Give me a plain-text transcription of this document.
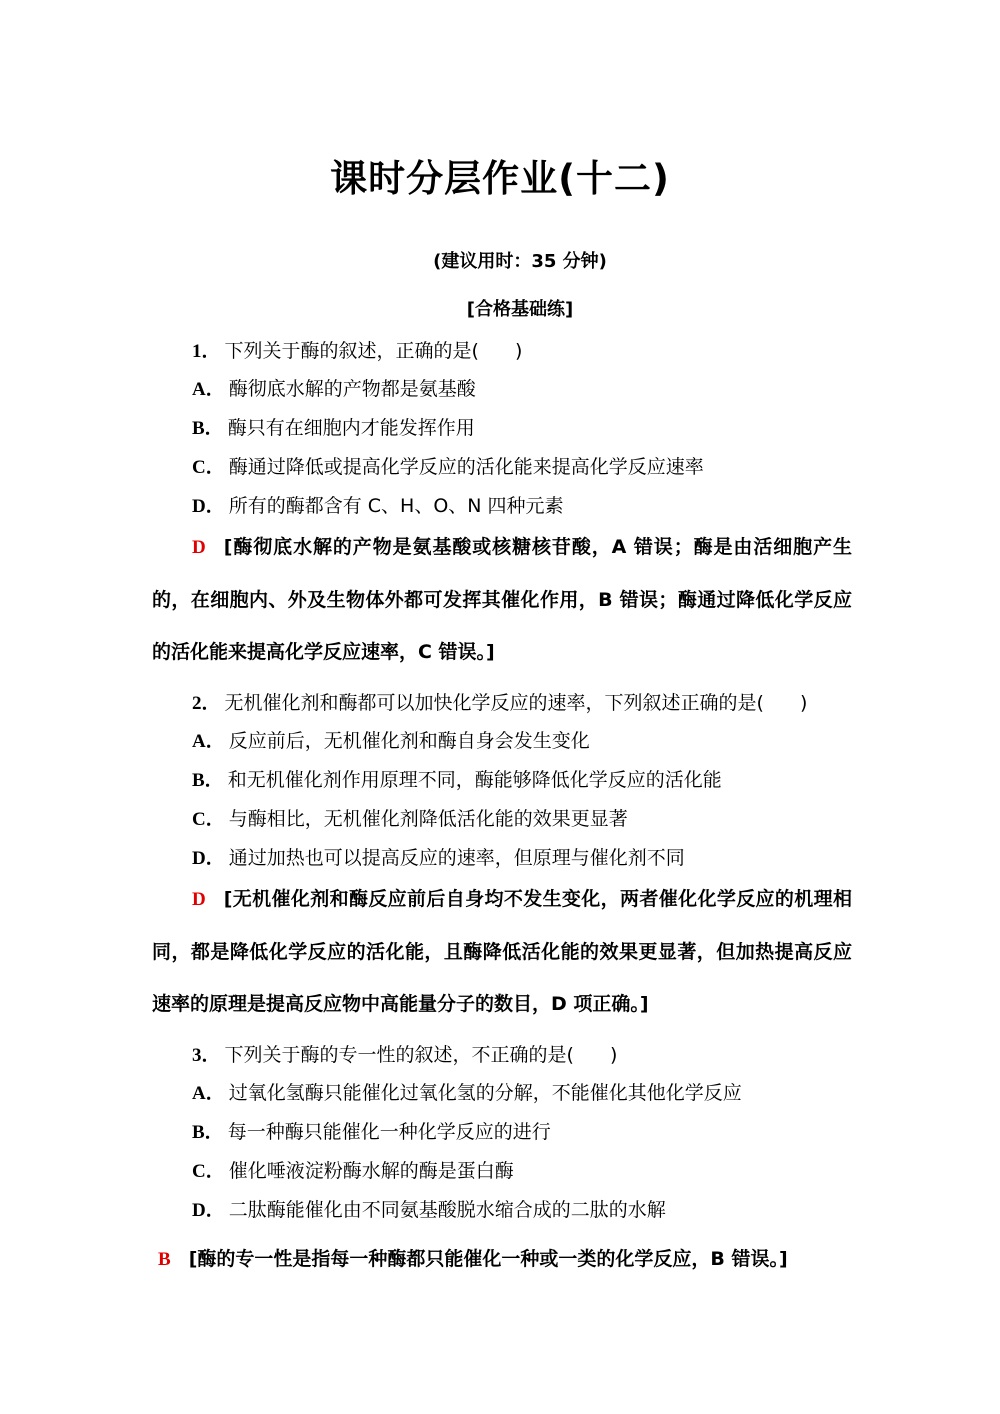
课时分层作业(十二)
(建议用时：35 分钟)
[合格基础练]
1． 下列关于酶的叙述，正确的是( )
A． 酶彻底水解的产物都是氨基酸
B． 酶只有在细胞内才能发挥作用
C． 酶通过降低或提高化学反应的活化能来提高化学反应速率
D． 所有的酶都含有 C、H、O、N 四种元素
D [酶彻底水解的产物是氨基酸或核糖核苷酸，A 错误；酶是由活细胞产生的，在细胞内、外及生物体外都可发挥其催化作用，B 错误；酶通过降低化学反应的活化能来提高化学反应速率，C 错误。]
2． 无机催化剂和酶都可以加快化学反应的速率，下列叙述正确的是( )
A． 反应前后，无机催化剂和酶自身会发生变化
B． 和无机催化剂作用原理不同，酶能够降低化学反应的活化能
C． 与酶相比，无机催化剂降低活化能的效果更显著
D． 通过加热也可以提高反应的速率，但原理与催化剂不同
D [无机催化剂和酶反应前后自身均不发生变化，两者催化化学反应的机理相同，都是降低化学反应的活化能，且酶降低活化能的效果更显著，但加热提高反应速率的原理是提高反应物中高能量分子的数目，D 项正确。]
3． 下列关于酶的专一性的叙述，不正确的是( )
A． 过氧化氢酶只能催化过氧化氢的分解，不能催化其他化学反应
B． 每一种酶只能催化一种化学反应的进行
C． 催化唾液淀粉酶水解的酶是蛋白酶
D． 二肽酶能催化由不同氨基酸脱水缩合成的二肽的水解
B [酶的专一性是指每一种酶都只能催化一种或一类的化学反应，B 错误。]
